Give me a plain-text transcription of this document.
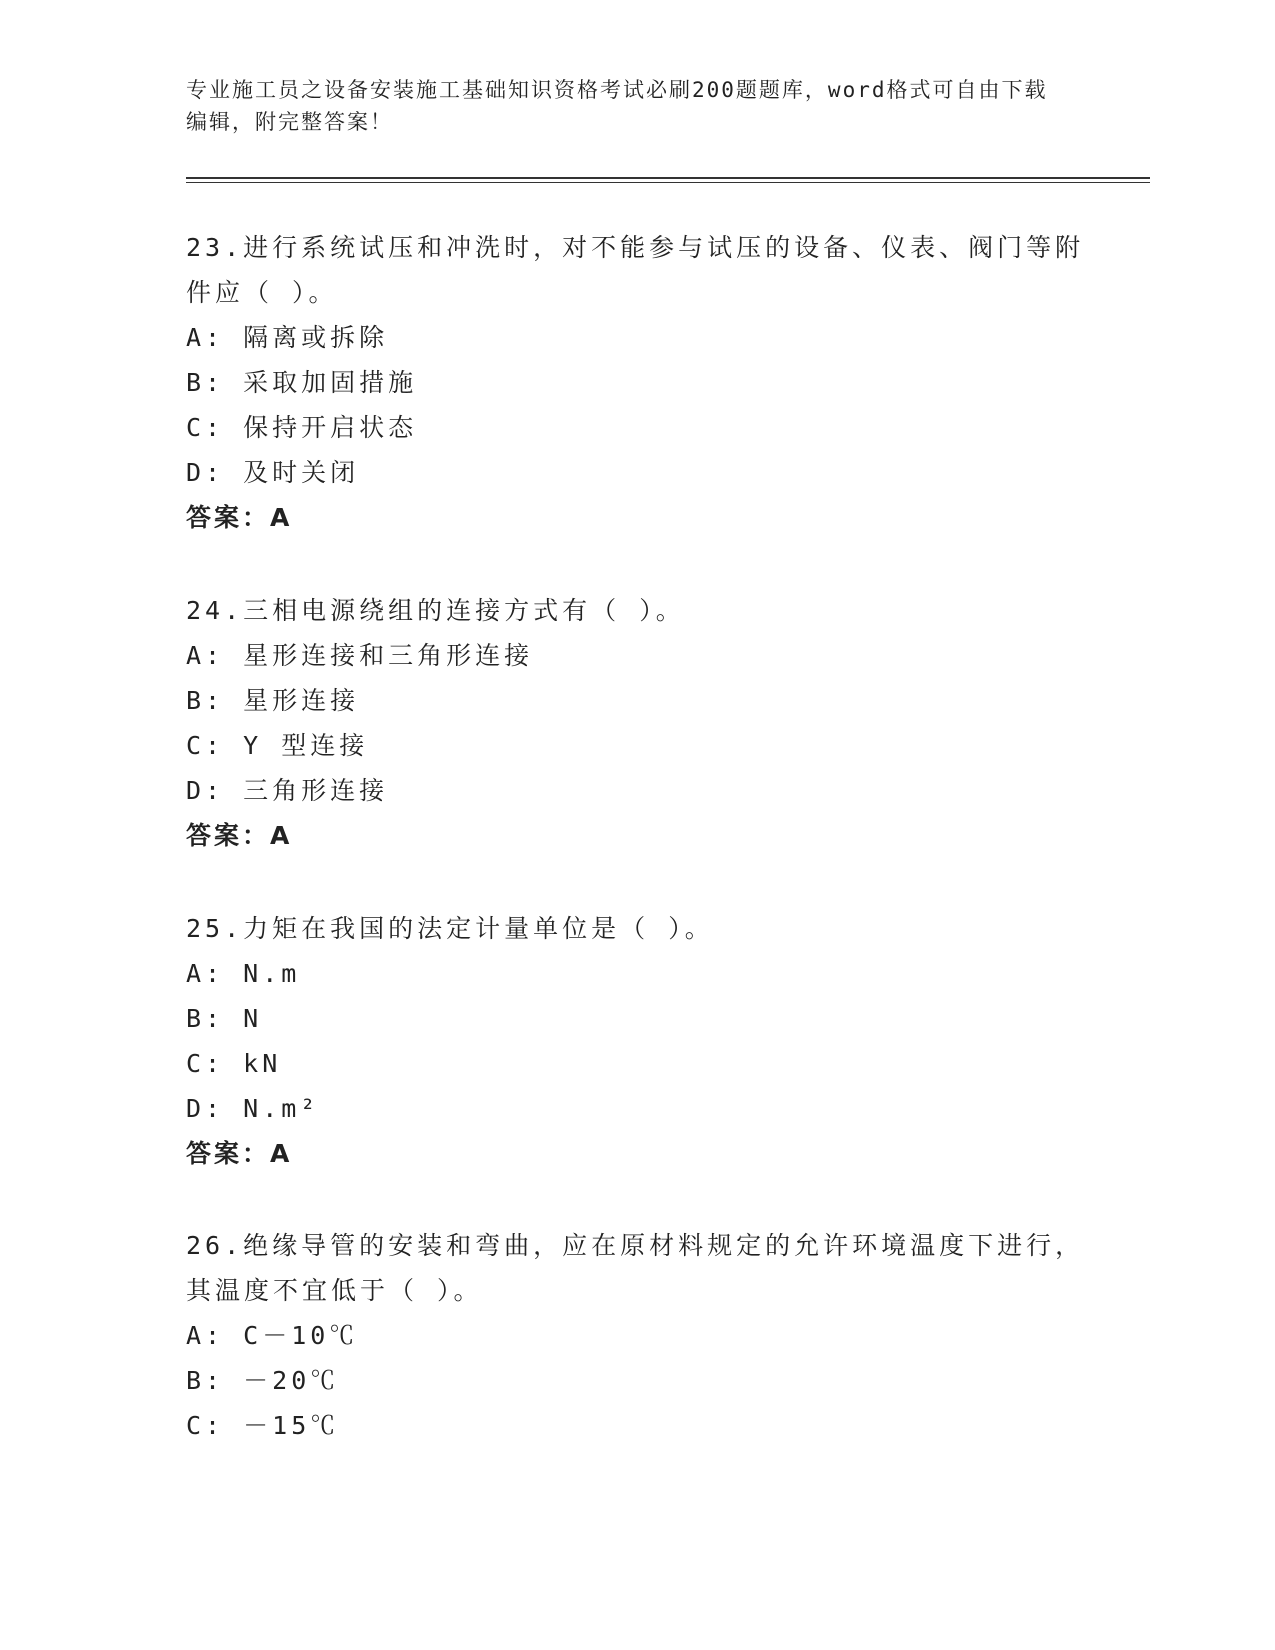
专业施工员之设备安装施工基础知识资格考试必刷200题题库，word格式可自由下载编辑，附完整答案！

23.进行系统试压和冲洗时，对不能参与试压的设备、仪表、阀门等附件应（ ）。

A: 隔离或拆除

B: 采取加固措施

C: 保持开启状态

D: 及时关闭

答案：A

24.三相电源绕组的连接方式有（ ）。

A: 星形连接和三角形连接

B: 星形连接

C: Y 型连接

D: 三角形连接

答案：A

25.力矩在我国的法定计量单位是（ ）。

A: N.m

B: N

C: kN

D: N.m²

答案：A

26.绝缘导管的安装和弯曲，应在原材料规定的允许环境温度下进行，其温度不宜低于（ ）。

A: C－10℃

B: －20℃

C: －15℃
